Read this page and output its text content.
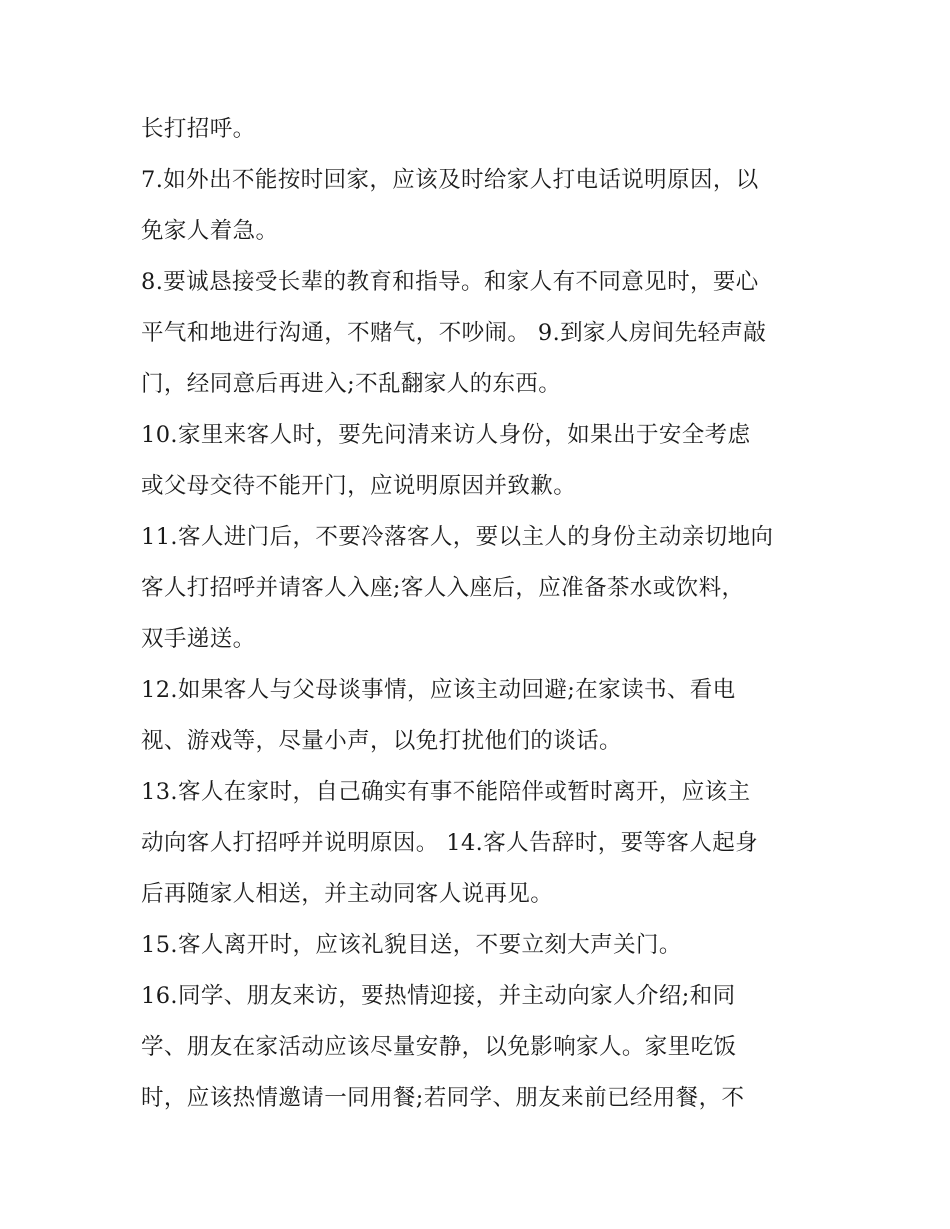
长打招呼。
7.如外出不能按时回家，应该及时给家人打电话说明原因，以
免家人着急。
8.要诚恳接受长辈的教育和指导。和家人有不同意见时，要心
平气和地进行沟通，不赌气，不吵闹。 9.到家人房间先轻声敲
门，经同意后再进入;不乱翻家人的东西。
10.家里来客人时，要先问清来访人身份，如果出于安全考虑
或父母交待不能开门，应说明原因并致歉。
11.客人进门后，不要冷落客人，要以主人的身份主动亲切地向
客人打招呼并请客人入座;客人入座后，应准备茶水或饮料，
双手递送。
12.如果客人与父母谈事情，应该主动回避;在家读书、看电
视、游戏等，尽量小声，以免打扰他们的谈话。
13.客人在家时，自己确实有事不能陪伴或暂时离开，应该主
动向客人打招呼并说明原因。 14.客人告辞时，要等客人起身
后再随家人相送，并主动同客人说再见。
15.客人离开时，应该礼貌目送，不要立刻大声关门。
16.同学、朋友来访，要热情迎接，并主动向家人介绍;和同
学、朋友在家活动应该尽量安静，以免影响家人。家里吃饭
时，应该热情邀请一同用餐;若同学、朋友来前已经用餐，不
